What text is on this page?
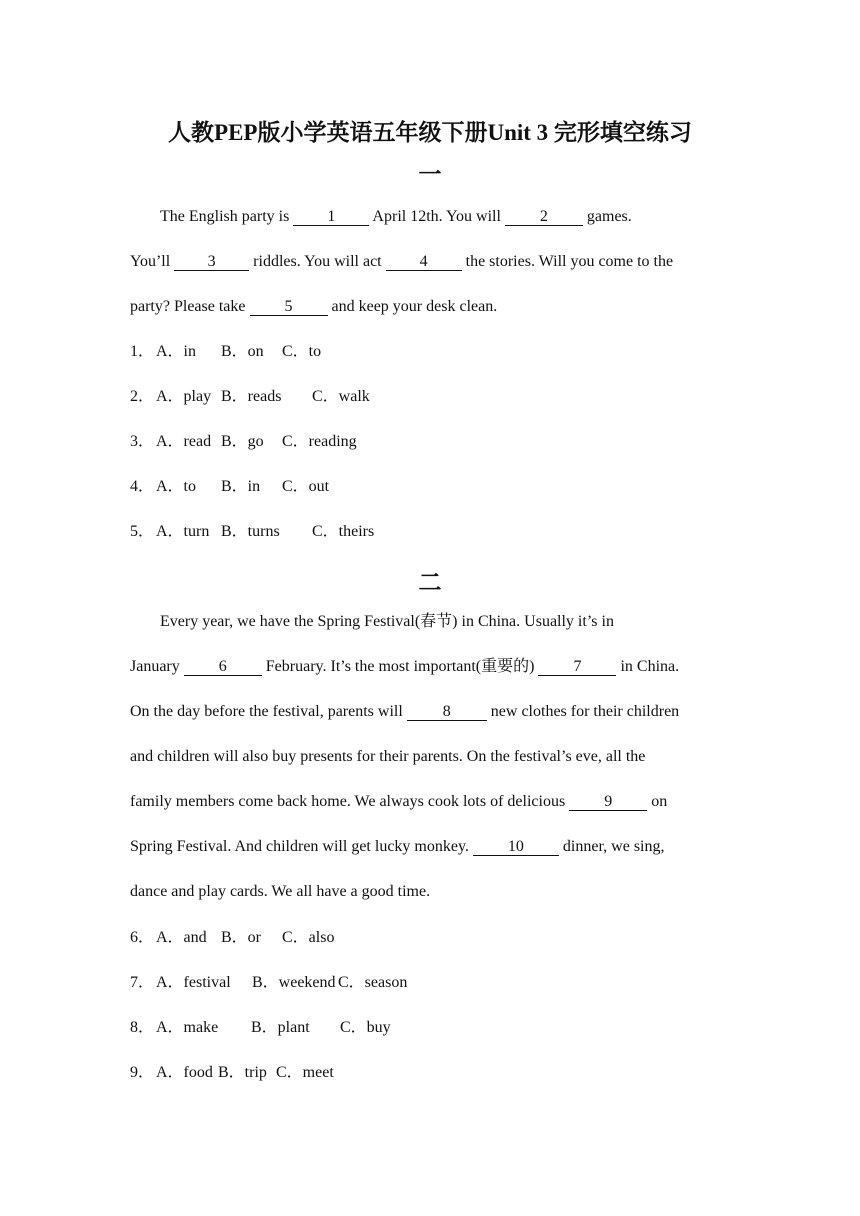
人教PEP版小学英语五年级下册Unit 3 完形填空练习
一
The English party is 1 April 12th. You will 2 games.
You’ll 3 riddles. You will act 4 the stories. Will you come to the
party? Please take 5 and keep your desk clean.
1． A．in B．on C．to
2． A．play B．reads C．walk
3． A．read B．go C．reading
4． A．to B．in C．out
5． A．turn B．turns C．theirs
二
Every year, we have the Spring Festival(春节) in China. Usually it’s in
January 6 February. It’s the most important(重要的) 7 in China.
On the day before the festival, parents will 8 new clothes for their children
and children will also buy presents for their parents. On the festival’s eve, all the
family members come back home. We always cook lots of delicious 9 on
Spring Festival. And children will get lucky monkey. 10 dinner, we sing,
dance and play cards. We all have a good time.
6． A．and B．or C．also
7． A．festival B．weekend C．season
8． A．make B．plant C．buy
9． A．food B．trip C．meet
